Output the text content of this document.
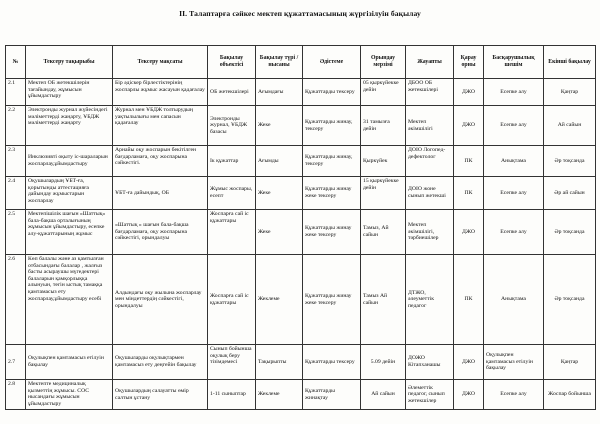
II. Талаптарға сәйкес мектеп құжаттамасының жүргізілуін бақылау
№	Тексеру тақырыбы	Тексеру мақсаты	Бақылау объектісі	Бақылау түрі / нысаны	Әдістеме	Орындау мерзімі	Жауапты	Қарау орны	Басқарушылық шешім	Екінші бақылау
2.1	Мектеп ОБ жетекшілерін тағайындау, жұмысын ұйымдастыру	Бір әдіскер бірлестіктерінің жоспарлы жұмыс жасауын қадағалау	ОБ жетекшілері	Ағымдағы	Құжаттарды тексеру	05 қыркүйекке дейін	ДБОО ОБ жетекшілері	ДЖО	Есепке алу	Қаңтар
2.2	Электронды журнал жүйесіндегі мәліметтерді жаңарту, ҰБДЖ мәліметтерді жаңарту	Журнал мен ҰБДЖ толтырудың уақтылылығы мен сапасын қадағалау	Электронды журнал, ҰБДЖ базасы	Жеке	Құжаттарды жинау, тексеру	31 тамызға дейін	Мектеп әкімшілігі	ДЖО	Есепке алу	Ай сайын
2.3	Инклюзивті оқыту іс-шараларын жоспарлау,ұйымдастыру	Арнайы оқу жоспарын бекітілген бағдарламаға, оқу жоспарына сәйкестігі.	Ік құжаттар	Ағымды	Құжаттарды жинау, тексеру	Қыркүйек	ДОІО Логопед-дефектолог	ПК	Анықтама	Әр тоқсанда
2.4	Оқушылардың ҰБТ-ға, қорытынды аттестацияға дайындау жұмыстарын жоспарлау	ҰБТ-ға дайындық, ОБ	Жұмыс жоспары, есепт	Жеке	Құжаттарды жинау жеке тексеру	15 қыркүйекке дейін	ДОІО жоне сынып жетекші	ПК	Есепке алу	Әр ай сайын
2.5	Мектепішілік шағын «Шаттық» бала-бақша орталығының жұмысын ұйымдастыру, есепке алу-құжаттарының жұмыс	«Шаттық » шағын бала-бақша бағдарламаға, оқу жоспарына сәйкестігі, орындалуы	Жоспарға сай іс құжаттары	Жеке	Құжаттарды жинау жеке тексеру	Тамыз, Ай сайын	Мектеп әкімшілігі, тәрбиешілер	ДЖО	Есепке алу	Әр тоқсанда
2.6	Көп балалы және аз қамтылған отбасындағы балалар , жалғыз басты асыраушы мүгедектері балаларын қамқорлыққа алынуын, тегін ыстық тамаққа қамтамасыз ету жоспарлау,ұйымдастыру есебі	Алдындағы оқу жылына жоспарлау мен міндеттердің сәйкестігі, орындалуы	Жоспарға сай іс құжаттары	Жеклеме	Құжаттарды жинау жеке тексеру	Тамыз Ай сайын	ДТЖО, әлеуметтік педагог	ПК	Анықтама	Әр тоқсанда
2.7	Оқулықпен қамтамасыз етілуін бақылау	Оқушыларды оқулықтармен қамтамасыз ету деңгейін бақылау	Сынып бойынша оқулық беру тізімдемесі	Тақырыпты	Құжаттарды тексеру	5.09 дейін	ДОЖО Кітапханашы	ДЖО	Оқулықпен қамтамасыз етілуін бақылау	Қаңтар
2.8	Мектепте медициналық қызметтің жұмысы. СОС нысандағы жұмысын ұйымдастыру	Оқушылардың салауатты өмір салтын ұстану	1-11 сыныптар	Жеклеме	Құжаттарды жинақтау	Ай сайын	Әлеметтік педагог, сынып жетекшілер	ДЖО	Есепке алу	Жоспар бойынша
